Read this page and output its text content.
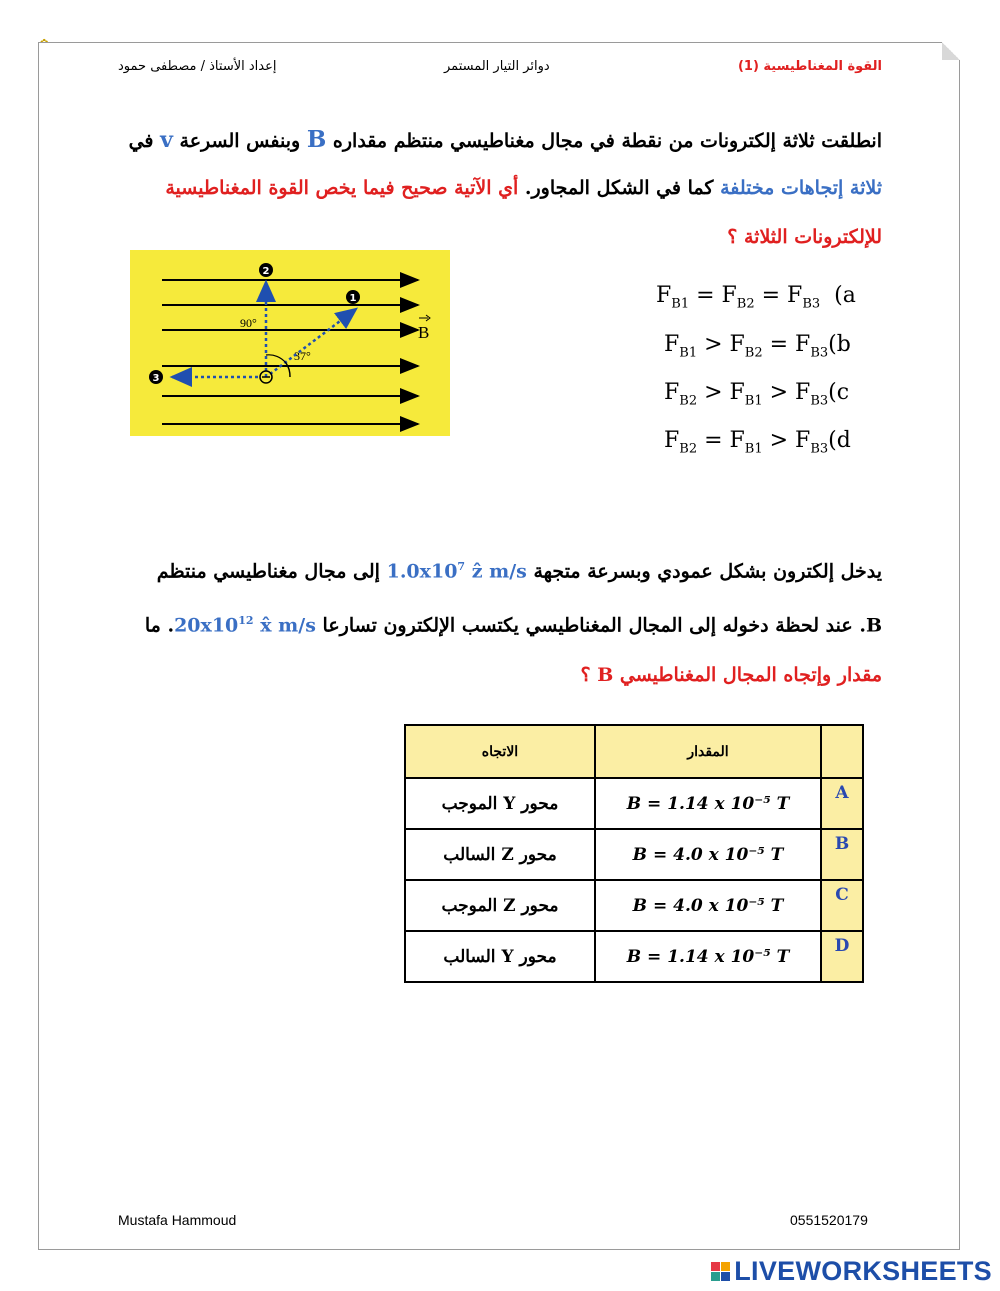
القوة المغناطيسية (1)
دوائر التيار المستمر
إعداد الأستاذ / مصطفى حمود
انطلقت ثلاثة إلكترونات من نقطة في مجال مغناطيسي منتظم مقداره B وبنفس السرعة v في
ثلاثة إتجاهات مختلفة كما في الشكل المجاور. أي الآتية صحيح فيما يخص القوة المغناطيسية
للإلكترونات الثلاثة ؟
1
2
3
90°
37°
B
$F_{B1} = F_{B2} = F_{B3}$ (a
$F_{B1} > F_{B2} = F_{B3}(b$
$F_{B2} > F_{B1} > F_{B3}(c$
$F_{B2} = F_{B1} > F_{B3}(d$
يدخل إلكترون بشكل عمودي وبسرعة متجهة $1.0x10^7$ ẑ m/s إلى مجال مغناطيسي منتظم
B. عند لحظة دخوله إلى المجال المغناطيسي يكتسب الإلكترون تسارعا $20x10^{12}$ x̂ m/s. ما
مقدار وإتجاه المجال المغناطيسي B ؟
الاتجاه	المقدار	
محور Y الموجب	B = 1.14 x 10⁻⁵ T	A
محور Z السالب	B = 4.0 x 10⁻⁵ T	B
محور Z الموجب	B = 4.0 x 10⁻⁵ T	C
محور Y السالب	B = 1.14 x 10⁻⁵ T	D
Mustafa Hammoud	0551520179
LIVEWORKSHEETS
